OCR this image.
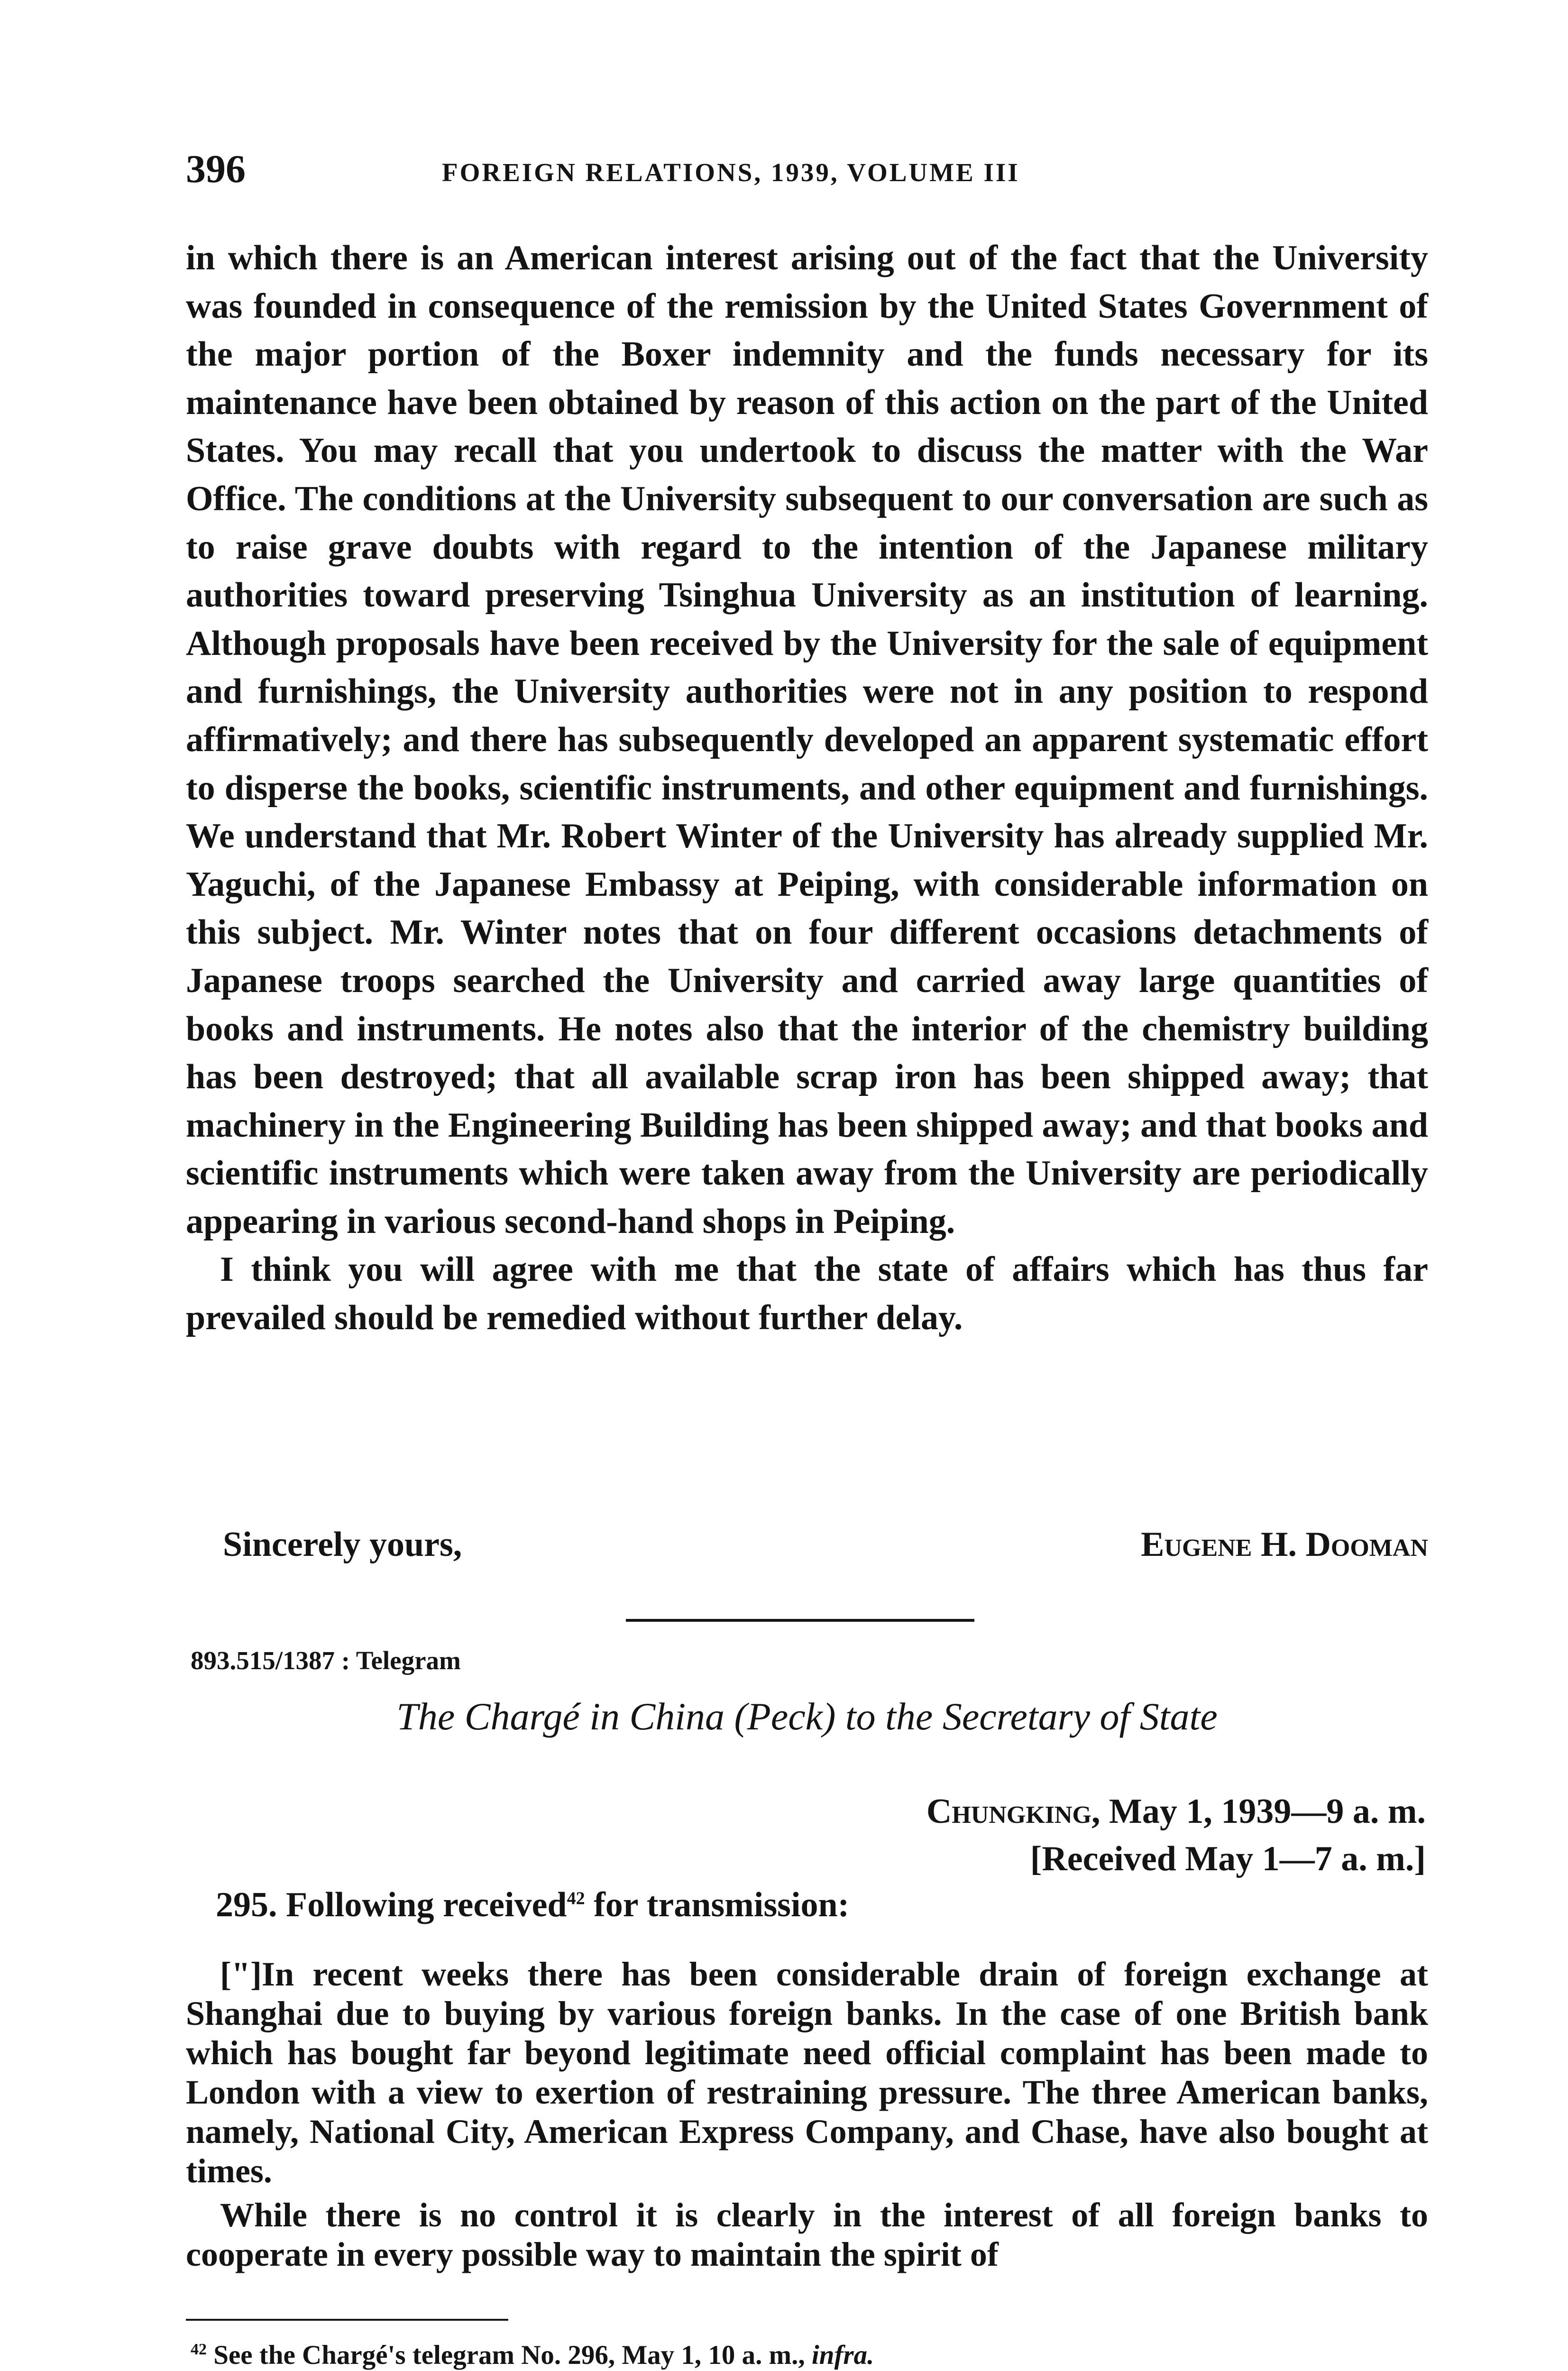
396	FOREIGN RELATIONS, 1939, VOLUME III

in which there is an American interest arising out of the fact that the University was founded in consequence of the remission by the United States Government of the major portion of the Boxer indemnity and the funds necessary for its maintenance have been obtained by reason of this action on the part of the United States. You may recall that you undertook to discuss the matter with the War Office. The conditions at the University subsequent to our conversation are such as to raise grave doubts with regard to the intention of the Japanese military authorities toward preserving Tsinghua University as an institution of learning. Although proposals have been received by the University for the sale of equipment and furnishings, the University authorities were not in any position to respond affirmatively; and there has subsequently developed an apparent systematic effort to disperse the books, scientific instruments, and other equipment and furnishings. We understand that Mr. Robert Winter of the University has already supplied Mr. Yaguchi, of the Japanese Embassy at Peiping, with considerable information on this subject. Mr. Winter notes that on four different occasions detachments of Japanese troops searched the University and carried away large quantities of books and instruments. He notes also that the interior of the chemistry building has been destroyed; that all available scrap iron has been shipped away; that machinery in the Engineering Building has been shipped away; and that books and scientific instruments which were taken away from the University are periodically appearing in various second-hand shops in Peiping.

I think you will agree with me that the state of affairs which has thus far prevailed should be remedied without further delay.

Sincerely yours,	Eugene H. Dooman
893.515/1387 : Telegram
The Chargé in China (Peck) to the Secretary of State
Chungking, May 1, 1939—9 a. m.
[Received May 1—7 a. m.]
295. Following received$^{42}$ for transmission:

["]In recent weeks there has been considerable drain of foreign exchange at Shanghai due to buying by various foreign banks. In the case of one British bank which has bought far beyond legitimate need official complaint has been made to London with a view to exertion of restraining pressure. The three American banks, namely, National City, American Express Company, and Chase, have also bought at times.

While there is no control it is clearly in the interest of all foreign banks to cooperate in every possible way to maintain the spirit of

$^{42}$ See the Chargé's telegram No. 296, May 1, 10 a. m., infra.
